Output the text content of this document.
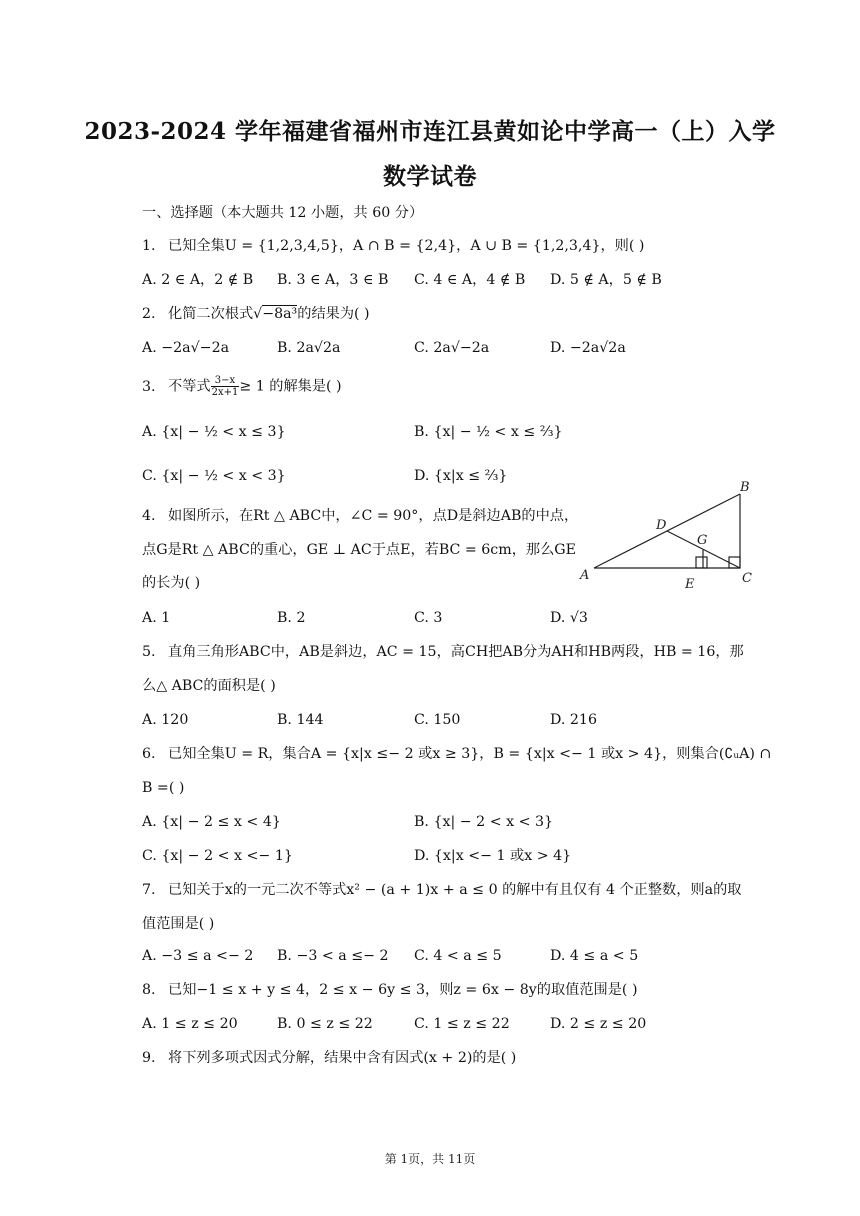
2023-2024 学年福建省福州市连江县黄如论中学高一（上）入学
数学试卷
一、选择题（本大题共 12 小题，共 60 分）
1. 已知全集U = {1,2,3,4,5}，A ∩ B = {2,4}，A ∪ B = {1,2,3,4}，则( )
A. 2 ∈ A，2 ∉ B B. 3 ∈ A，3 ∈ B C. 4 ∈ A，4 ∉ B D. 5 ∉ A，5 ∉ B
2. 化简二次根式√−8a³的结果为( )
A. −2a√−2a	B. 2a√2a	C. 2a√−2a	D. −2a√2a
3. 不等式 $\frac{3-x}{2x+1} \ge 1$ 的解集是( )
A. {x| − ½ < x ≤ 3}	B. {x| − ½ < x ≤ ⅔}
C. {x| − ½ < x < 3}	D. {x|x ≤ ⅔}
4. 如图所示，在Rt △ ABC中，∠C = 90°，点D是斜边AB的中点，
点G是Rt △ ABC的重心，GE ⊥ AC于点E，若BC = 6cm，那么GE
的长为( )	A
B
C
D
E
G
A. 1	B. 2	C. 3	D. √3
5. 直角三角形ABC中，AB是斜边，AC = 15，高CH把AB分为AH和HB两段，HB = 16，那
么△ ABC的面积是( )
A. 120	B. 144	C. 150	D. 216
6. 已知全集U = R，集合A = {x|x ≤− 2 或x ≥ 3}，B = {x|x <− 1 或x > 4}，则集合(∁ᵤA) ∩
B =( )
A. {x| − 2 ≤ x < 4}	B. {x| − 2 < x < 3}
C. {x| − 2 < x <− 1}	D. {x|x <− 1 或x > 4}
7. 已知关于x的一元二次不等式x² − (a + 1)x + a ≤ 0 的解中有且仅有 4 个正整数，则a的取
值范围是( )
A. −3 ≤ a <− 2 B. −3 < a ≤− 2 C. 4 < a ≤ 5	D. 4 ≤ a < 5
8. 已知−1 ≤ x + y ≤ 4，2 ≤ x − 6y ≤ 3，则z = 6x − 8y的取值范围是( )
A. 1 ≤ z ≤ 20	B. 0 ≤ z ≤ 22	C. 1 ≤ z ≤ 22	D. 2 ≤ z ≤ 20
9. 将下列多项式因式分解，结果中含有因式(x + 2)的是( )
第 1页，共 11页
